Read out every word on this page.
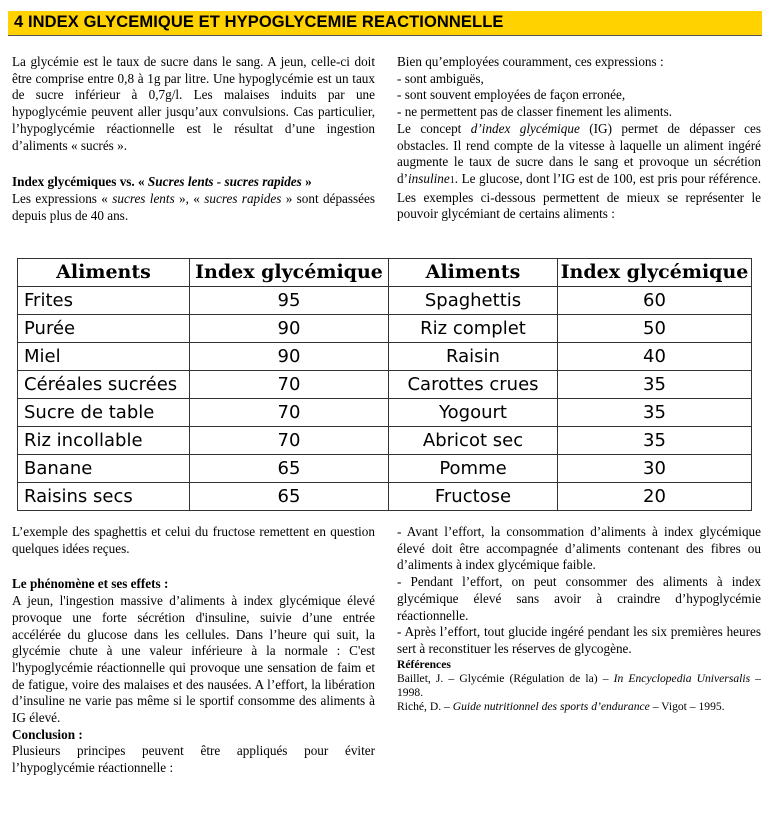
4 INDEX GLYCEMIQUE ET HYPOGLYCEMIE REACTIONNELLE

La glycémie est le taux de sucre dans le sang. A jeun, celle-ci doit être comprise entre 0,8 à 1g par litre. Une hypoglycémie est un taux de sucre inférieur à 0,7g/l. Les malaises induits par une hypoglycémie peuvent aller jusqu’aux convulsions. Cas particulier, l’hypoglycémie réactionnelle est le résultat d’une ingestion d’aliments « sucrés ».

Index glycémiques vs. « Sucres lents - sucres rapides »

Les expressions « sucres lents », « sucres rapides » sont dépassées depuis plus de 40 ans.

Bien qu’employées couramment, ces expressions :

- sont ambiguës,

- sont souvent employées de façon erronée,

- ne permettent pas de classer finement les aliments.

Le concept d’index glycémique (IG) permet de dépasser ces obstacles. Il rend compte de la vitesse à laquelle un aliment ingéré augmente le taux de sucre dans le sang et provoque un sécrétion d’insuline1. Le glucose, dont l’IG est de 100, est pris pour référence. Les exemples ci-dessous permettent de mieux se représenter le pouvoir glycémiant de certains aliments :

Aliments	Index glycémique	Aliments	Index glycémique
Frites	95	Spaghettis	60
Purée	90	Riz complet	50
Miel	90	Raisin	40
Céréales sucrées	70	Carottes crues	35
Sucre de table	70	Yogourt	35
Riz incollable	70	Abricot sec	35
Banane	65	Pomme	30
Raisins secs	65	Fructose	20

L’exemple des spaghettis et celui du fructose remettent en question quelques idées reçues.

Le phénomène et ses effets :

A jeun, l'ingestion massive d’aliments à index glycémique élevé provoque une forte sécrétion d'insuline, suivie d’une entrée accélérée du glucose dans les cellules. Dans l’heure qui suit, la glycémie chute à une valeur inférieure à la normale : C'est l'hypoglycémie réactionnelle qui provoque une sensation de faim et de fatigue, voire des malaises et des nausées. A l’effort, la libération d’insuline ne varie pas même si le sportif consomme des aliments à IG élevé.

Conclusion :

Plusieurs principes peuvent être appliqués pour éviter l’hypoglycémie réactionnelle :

- Avant l’effort, la consommation d’aliments à index glycémique élevé doit être accompagnée d’aliments contenant des fibres ou d’aliments à index glycémique faible.

- Pendant l’effort, on peut consommer des aliments à index glycémique élevé sans avoir à craindre d’hypoglycémie réactionnelle.

- Après l’effort, tout glucide ingéré pendant les six premières heures sert à reconstituer les réserves de glycogène.

Références
Baillet, J. – Glycémie (Régulation de la) – In Encyclopedia Universalis – 1998.
Riché, D. – Guide nutritionnel des sports d’endurance – Vigot – 1995.
